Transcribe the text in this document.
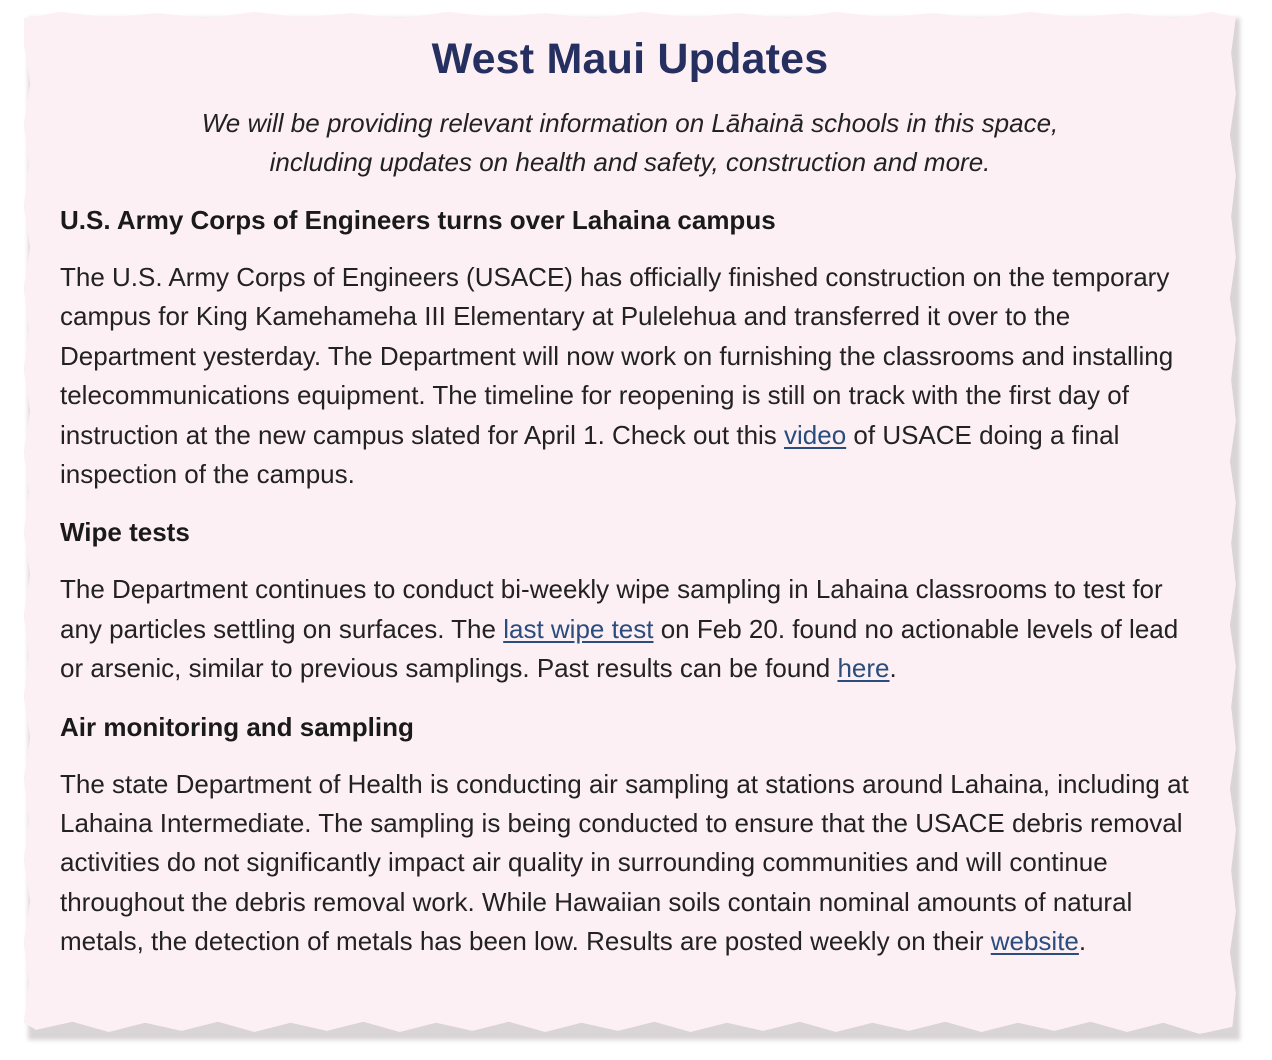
West Maui Updates

We will be providing relevant information on Lāhainā schools in this space,
including updates on health and safety, construction and more.

U.S. Army Corps of Engineers turns over Lahaina campus

The U.S. Army Corps of Engineers (USACE) has officially finished construction on the temporary campus for King Kamehameha III Elementary at Pulelehua and transferred it over to the Department yesterday. The Department will now work on furnishing the classrooms and installing telecommunications equipment. The timeline for reopening is still on track with the first day of instruction at the new campus slated for April 1. Check out this video of USACE doing a final inspection of the campus.

Wipe tests

The Department continues to conduct bi-weekly wipe sampling in Lahaina classrooms to test for any particles settling on surfaces. The last wipe test on Feb 20. found no actionable levels of lead or arsenic, similar to previous samplings. Past results can be found here.

Air monitoring and sampling

The state Department of Health is conducting air sampling at stations around Lahaina, including at Lahaina Intermediate. The sampling is being conducted to ensure that the USACE debris removal activities do not significantly impact air quality in surrounding communities and will continue throughout the debris removal work. While Hawaiian soils contain nominal amounts of natural metals, the detection of metals has been low. Results are posted weekly on their website.
